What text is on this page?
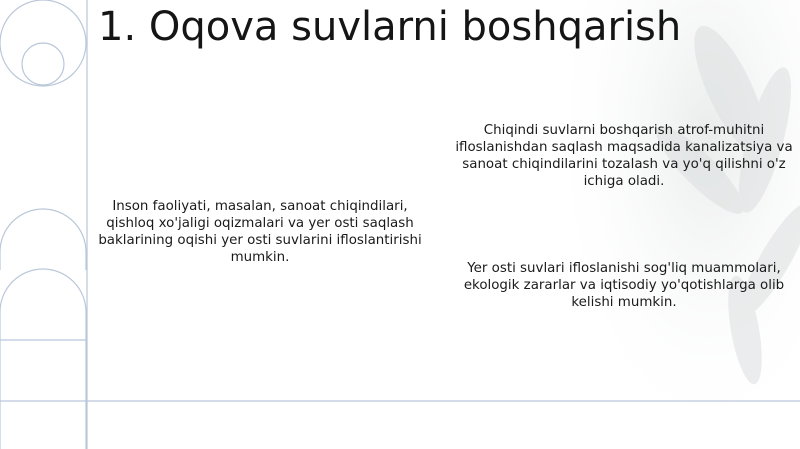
1. Oqova suvlarni boshqarish

Inson faoliyati, masalan, sanoat chiqindilari, qishloq xo'jaligi oqizmalari va yer osti saqlash baklarining oqishi yer osti suvlarini ifloslantirishi mumkin.

Chiqindi suvlarni boshqarish atrof-muhitni ifloslanishdan saqlash maqsadida kanalizatsiya va sanoat chiqindilarini tozalash va yo'q qilishni o'z ichiga oladi.

Yer osti suvlari ifloslanishi sog'liq muammolari, ekologik zararlar va iqtisodiy yo'qotishlarga olib kelishi mumkin.
